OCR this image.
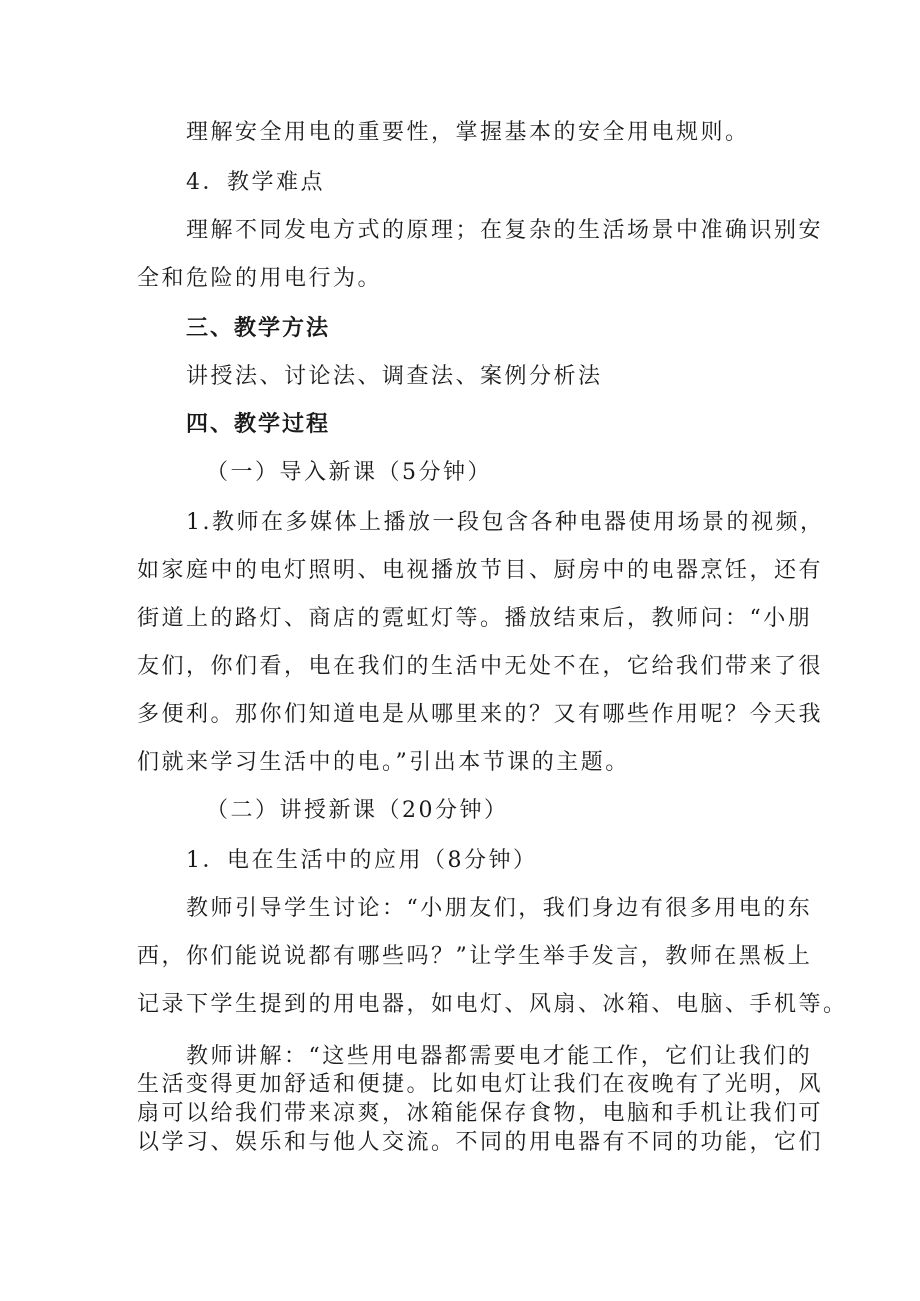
理解安全用电的重要性，掌握基本的安全用电规则。
4．教学难点
理解不同发电方式的原理；在复杂的生活场景中准确识别安
全和危险的用电行为。
三、教学方法
讲授法、讨论法、调查法、案例分析法
四、教学过程
（一）导入新课（5分钟）
1.教师在多媒体上播放一段包含各种电器使用场景的视频，
如家庭中的电灯照明、电视播放节目、厨房中的电器烹饪，还有
街道上的路灯、商店的霓虹灯等。播放结束后，教师问：“小朋
友们，你们看，电在我们的生活中无处不在，它给我们带来了很
多便利。那你们知道电是从哪里来的？又有哪些作用呢？今天我
们就来学习生活中的电。”引出本节课的主题。
（二）讲授新课（20分钟）
1．电在生活中的应用（8分钟）
教师引导学生讨论：“小朋友们，我们身边有很多用电的东
西，你们能说说都有哪些吗？”让学生举手发言，教师在黑板上
记录下学生提到的用电器，如电灯、风扇、冰箱、电脑、手机等。
教师讲解：“这些用电器都需要电才能工作，它们让我们的
生活变得更加舒适和便捷。比如电灯让我们在夜晚有了光明，风
扇可以给我们带来凉爽，冰箱能保存食物，电脑和手机让我们可
以学习、娱乐和与他人交流。不同的用电器有不同的功能，它们
